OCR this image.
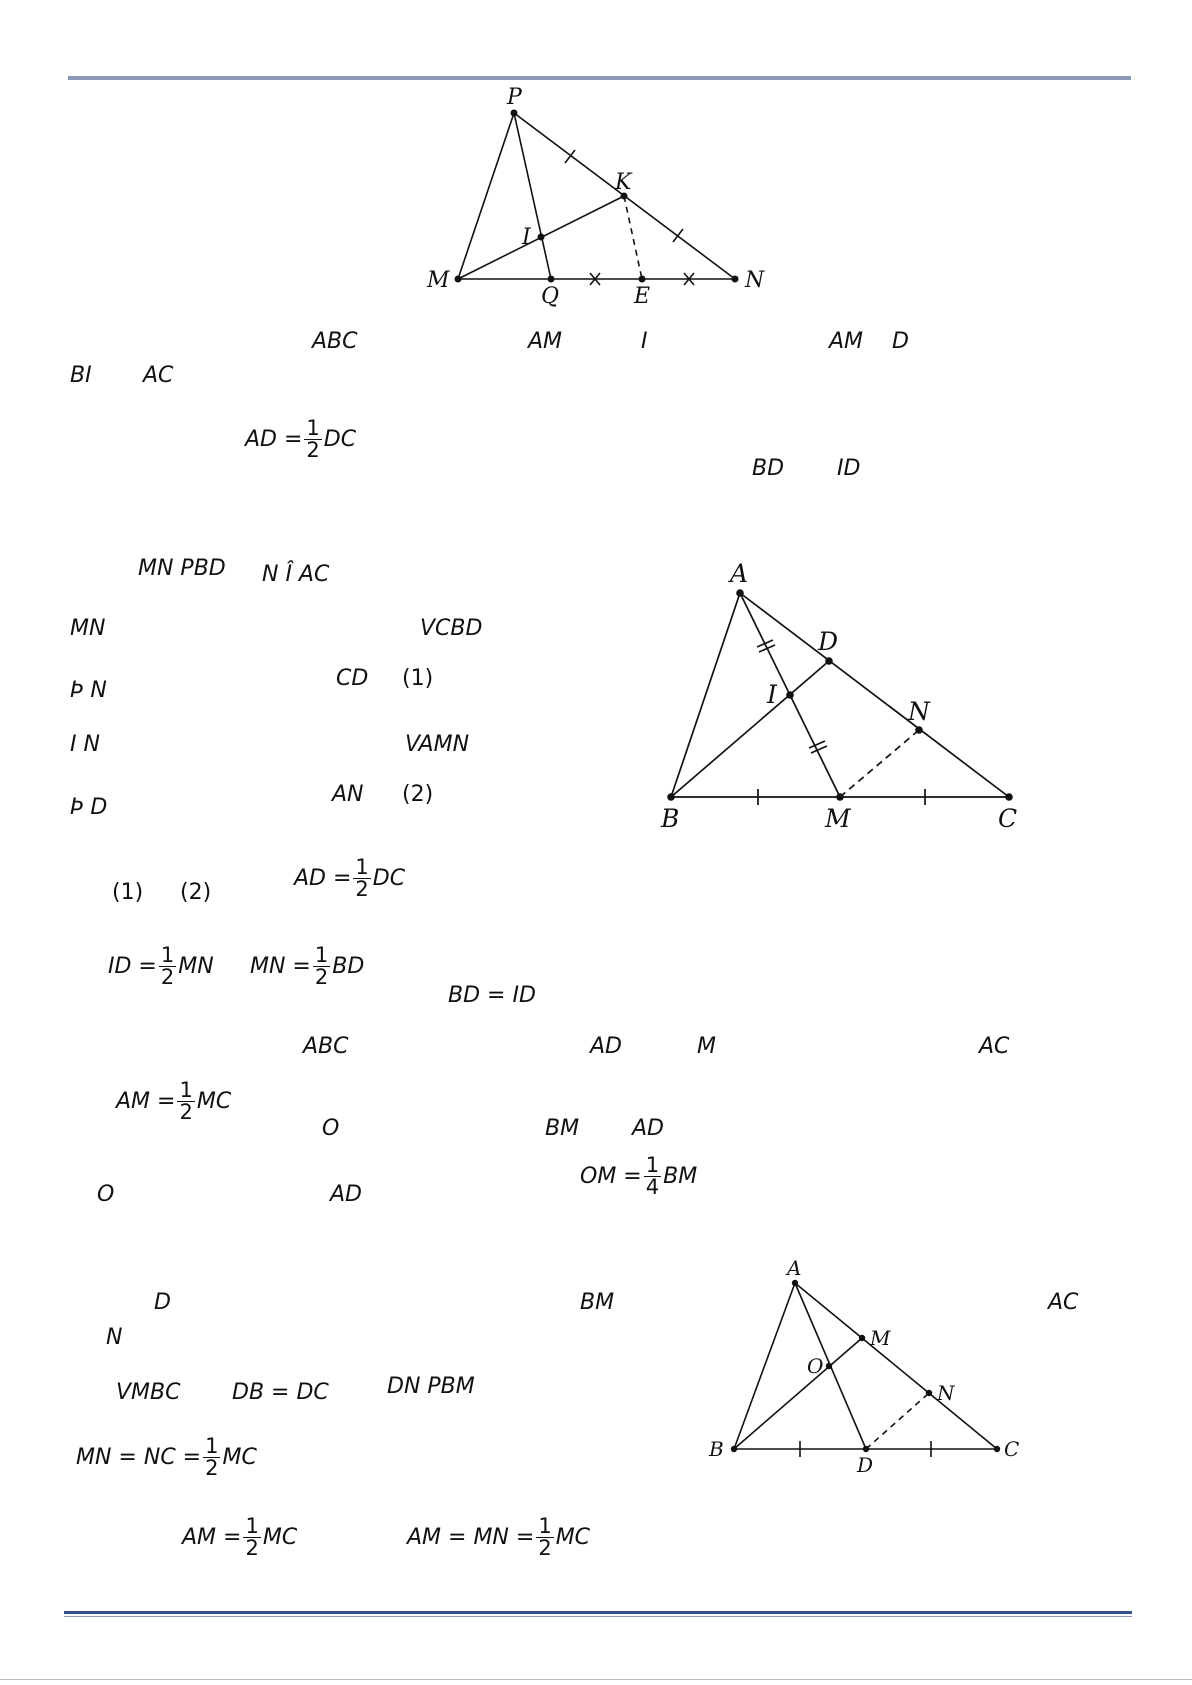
P
K
I
M
Q	E
N
ABC	AM	I	AM D
BI AC
AD = $\frac{1}{2}$ DC
BD ID
MN PBD N Î AC
MN	VCBD
Þ N	CD (1)
I N	VAMN
Þ D
AN (2)
A
D
I
N
B	M	C
(1) (2)
AD = $\frac{1}{2}$ DC
ID = $\frac{1}{2}$ MN MN = $\frac{1}{2}$ BD
BD = ID
ABC	AD	M	AC
AM = $\frac{1}{2}$ MC
O	BM AD
O	AD
OM = $\frac{1}{4}$ BM
D	BM	AC
N
VMBC DB = DC	DN PBM
MN = NC = $\frac{1}{2}$ MC
AM = $\frac{1}{2}$ MC	AM = MN = $\frac{1}{2}$ MC
A
M
O
N
B
D
C
